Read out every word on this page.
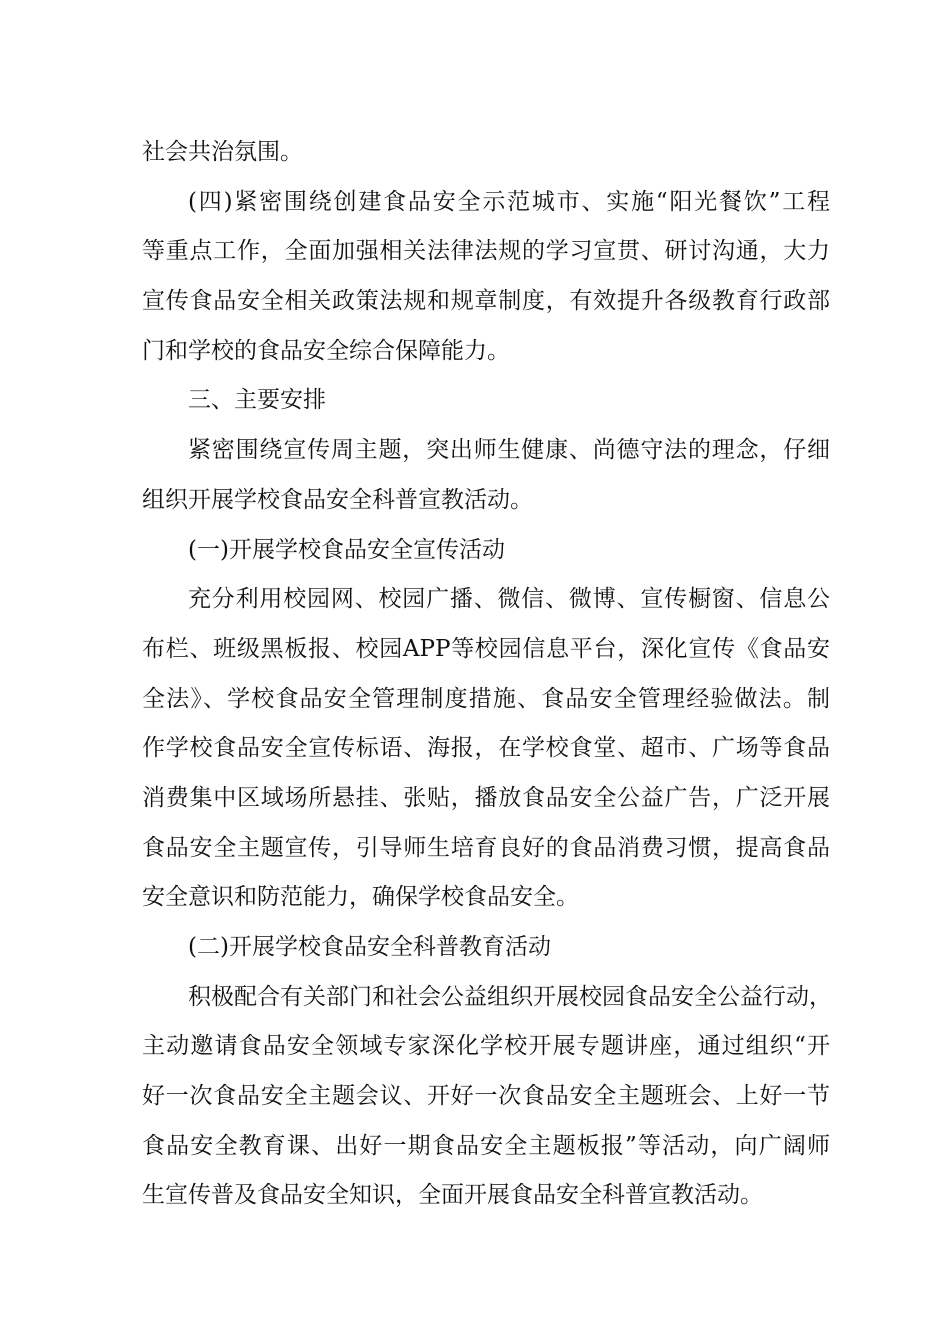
社会共治氛围。
(四)紧密围绕创建食品安全示范城市、实施“阳光餐饮”工程
等重点工作，全面加强相关法律法规的学习宣贯、研讨沟通，大力
宣传食品安全相关政策法规和规章制度，有效提升各级教育行政部
门和学校的食品安全综合保障能力。
三、主要安排
紧密围绕宣传周主题，突出师生健康、尚德守法的理念，仔细
组织开展学校食品安全科普宣教活动。
(一)开展学校食品安全宣传活动
充分利用校园网、校园广播、微信、微博、宣传橱窗、信息公
布栏、班级黑板报、校园APP等校园信息平台，深化宣传《食品安
全法》、学校食品安全管理制度措施、食品安全管理经验做法。制
作学校食品安全宣传标语、海报，在学校食堂、超市、广场等食品
消费集中区域场所悬挂、张贴，播放食品安全公益广告，广泛开展
食品安全主题宣传，引导师生培育良好的食品消费习惯，提高食品
安全意识和防范能力，确保学校食品安全。
(二)开展学校食品安全科普教育活动
积极配合有关部门和社会公益组织开展校园食品安全公益行动，
主动邀请食品安全领域专家深化学校开展专题讲座，通过组织“开
好一次食品安全主题会议、开好一次食品安全主题班会、上好一节
食品安全教育课、出好一期食品安全主题板报”等活动，向广阔师
生宣传普及食品安全知识，全面开展食品安全科普宣教活动。
